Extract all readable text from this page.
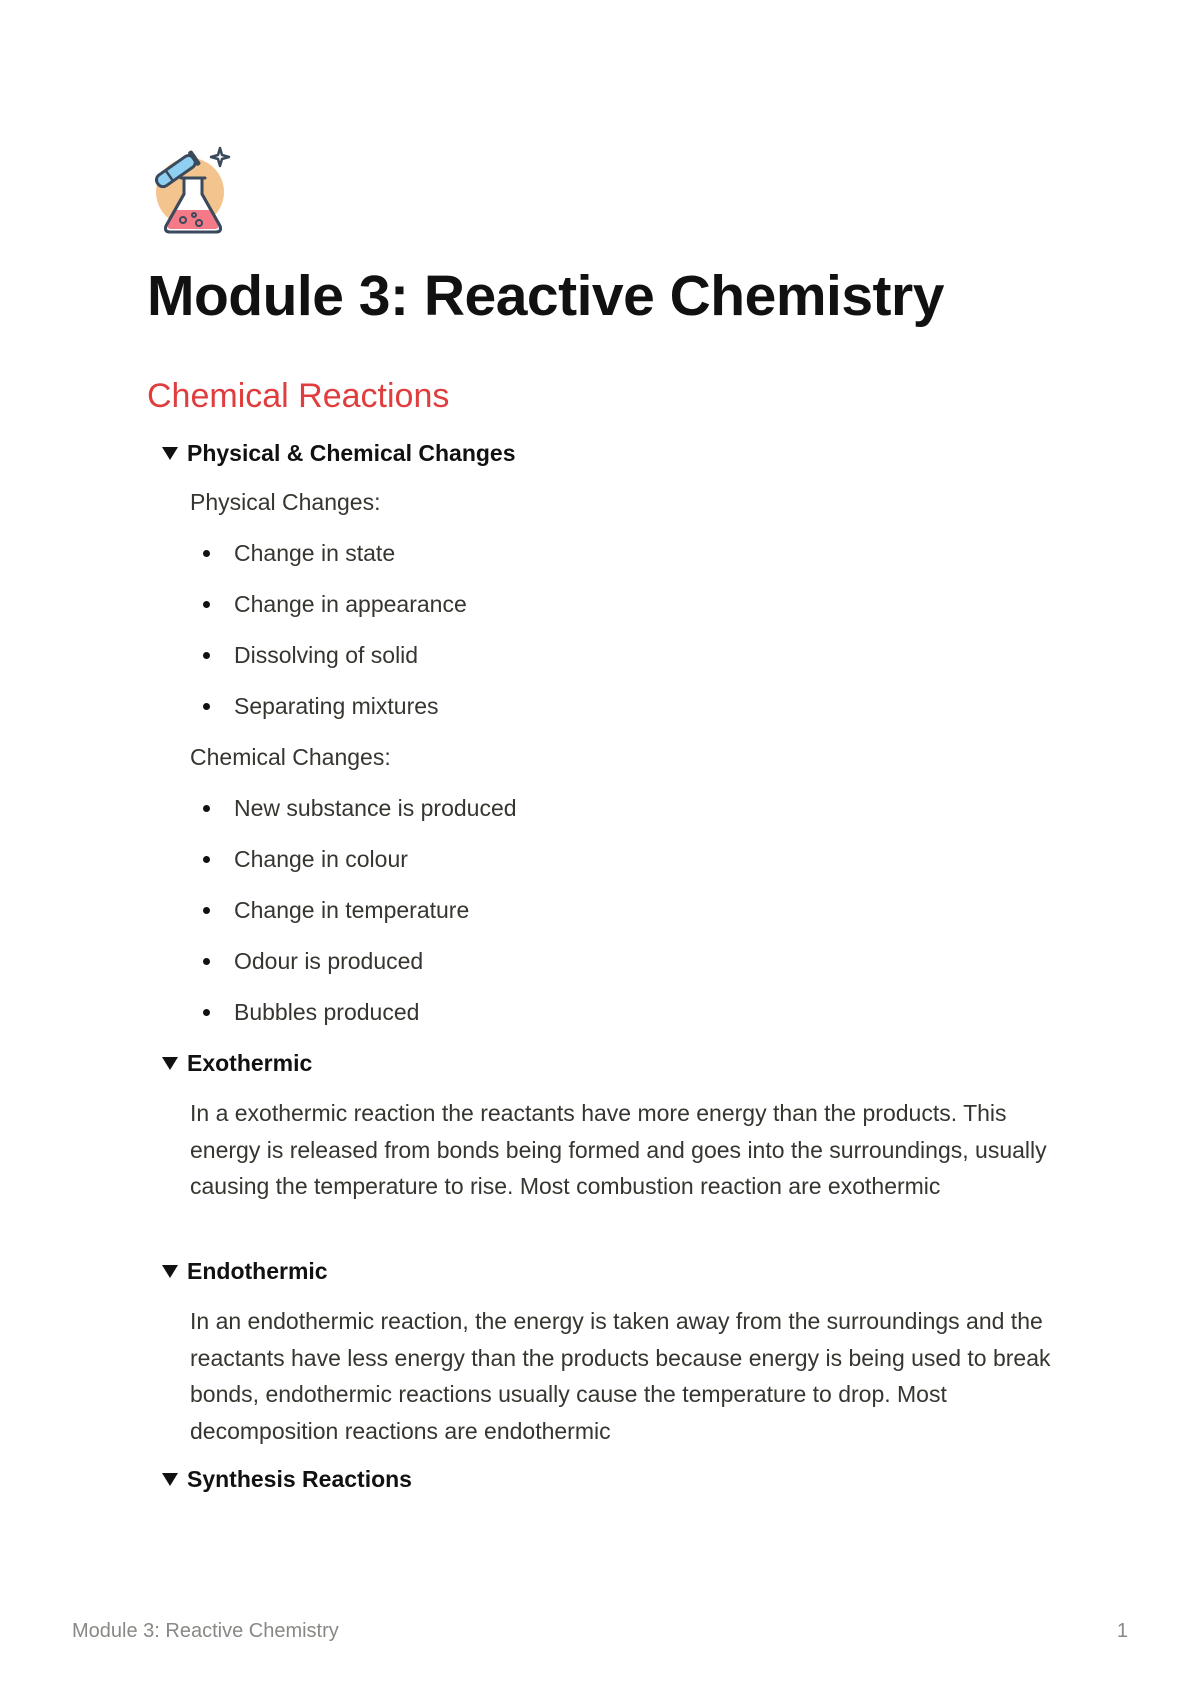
Module 3: Reactive Chemistry
Chemical Reactions
Physical & Chemical Changes
Physical Changes:
Change in state
Change in appearance
Dissolving of solid
Separating mixtures
Chemical Changes:
New substance is produced
Change in colour
Change in temperature
Odour is produced
Bubbles produced
Exothermic
In a exothermic reaction the reactants have more energy than the products. This energy is released from bonds being formed and goes into the surroundings, usually causing the temperature to rise. Most combustion reaction are exothermic
Endothermic
In an endothermic reaction, the energy is taken away from the surroundings and the reactants have less energy than the products because energy is being used to break bonds, endothermic reactions usually cause the temperature to drop. Most decomposition reactions are endothermic
Synthesis Reactions
Module 3: Reactive Chemistry	1
